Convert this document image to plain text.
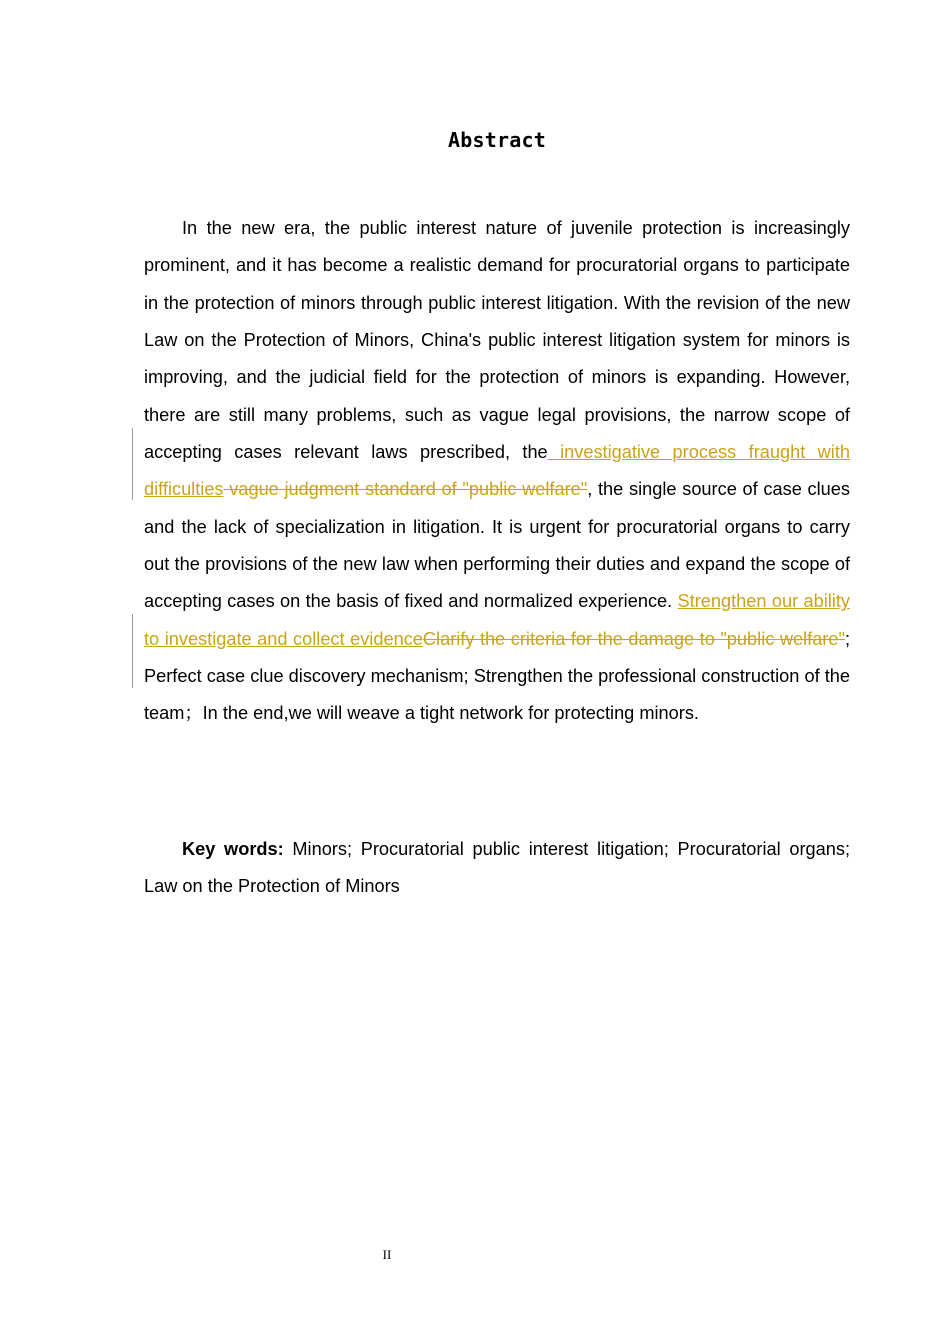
Abstract

In the new era, the public interest nature of juvenile protection is increasingly prominent, and it has become a realistic demand for procuratorial organs to participate in the protection of minors through public interest litigation. With the revision of the new Law on the Protection of Minors, China's public interest litigation system for minors is improving, and the judicial field for the protection of minors is expanding. However, there are still many problems, such as vague legal provisions, the narrow scope of accepting cases relevant laws prescribed, the investigative process fraught with difficulties vague judgment standard of "public welfare", the single source of case clues and the lack of specialization in litigation. It is urgent for procuratorial organs to carry out the provisions of the new law when performing their duties and expand the scope of accepting cases on the basis of fixed and normalized experience. Strengthen our ability to investigate and collect evidenceClarify the criteria for the damage to "public welfare"; Perfect case clue discovery mechanism; Strengthen the professional construction of the team；In the end,we will weave a tight network for protecting minors.

Key words: Minors; Procuratorial public interest litigation; Procuratorial organs; Law on the Protection of Minors

II
